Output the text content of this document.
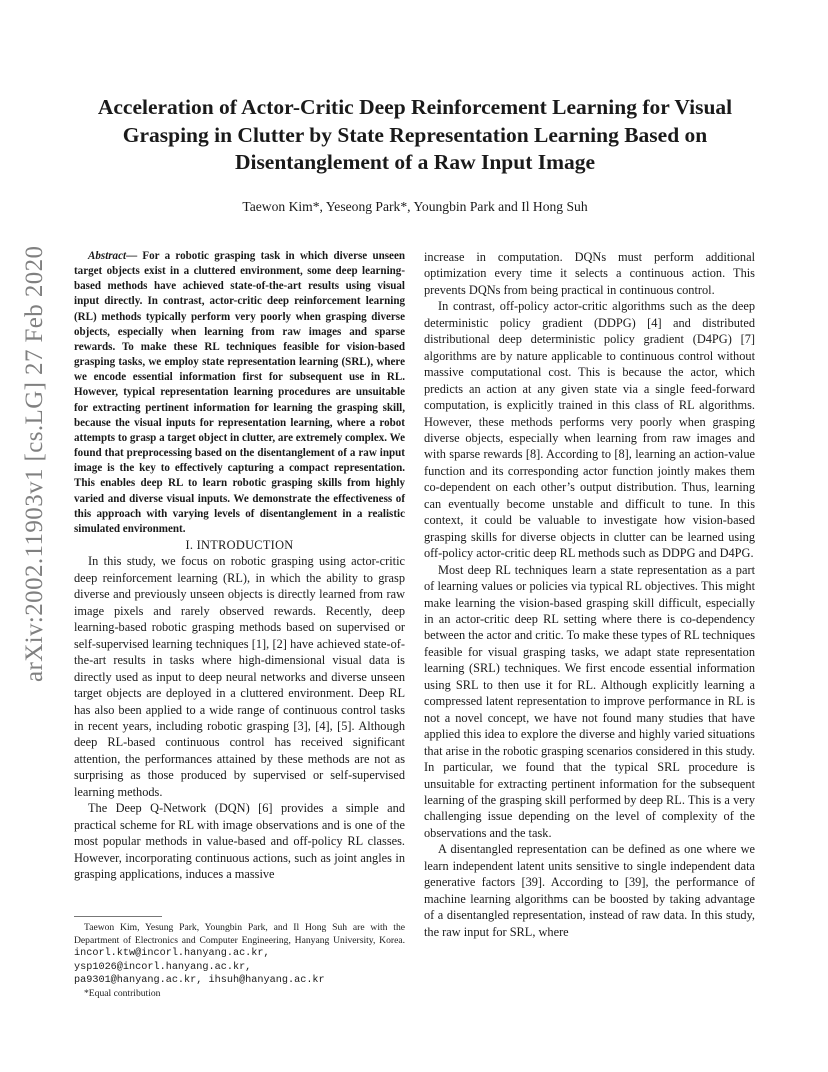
arXiv:2002.11903v1 [cs.LG] 27 Feb 2020
Acceleration of Actor-Critic Deep Reinforcement Learning for Visual
Grasping in Clutter by State Representation Learning Based on
Disentanglement of a Raw Input Image
Taewon Kim*, Yeseong Park*, Youngbin Park and Il Hong Suh

Abstract— For a robotic grasping task in which diverse unseen target objects exist in a cluttered environment, some deep learning-based methods have achieved state-of-the-art results using visual input directly. In contrast, actor-critic deep reinforcement learning (RL) methods typically perform very poorly when grasping diverse objects, especially when learning from raw images and sparse rewards. To make these RL techniques feasible for vision-based grasping tasks, we employ state representation learning (SRL), where we encode essential information first for subsequent use in RL. However, typical representation learning procedures are unsuitable for extracting pertinent information for learning the grasping skill, because the visual inputs for representation learning, where a robot attempts to grasp a target object in clutter, are extremely complex. We found that preprocessing based on the disentanglement of a raw input image is the key to effectively capturing a compact representation. This enables deep RL to learn robotic grasping skills from highly varied and diverse visual inputs. We demonstrate the effectiveness of this approach with varying levels of disentanglement in a realistic simulated environment.

I. INTRODUCTION

In this study, we focus on robotic grasping using actor-critic deep reinforcement learning (RL), in which the ability to grasp diverse and previously unseen objects is directly learned from raw image pixels and rarely observed rewards. Recently, deep learning-based robotic grasping methods based on supervised or self-supervised learning techniques [1], [2] have achieved state-of-the-art results in tasks where high-dimensional visual data is directly used as input to deep neural networks and diverse unseen target objects are deployed in a cluttered environment. Deep RL has also been applied to a wide range of continuous control tasks in recent years, including robotic grasping [3], [4], [5]. Although deep RL-based continuous control has received significant attention, the performances attained by these methods are not as surprising as those produced by supervised or self-supervised learning methods.

The Deep Q-Network (DQN) [6] provides a simple and practical scheme for RL with image observations and is one of the most popular methods in value-based and off-policy RL classes. However, incorporating continuous actions, such as joint angles in grasping applications, induces a massive

Taewon Kim, Yesung Park, Youngbin Park, and Il Hong Suh are with the Department of Electronics and Computer Engineering, Hanyang University, Korea. incorl.ktw@incorl.hanyang.ac.kr,
ysp1026@incorl.hanyang.ac.kr,
pa9301@hanyang.ac.kr, ihsuh@hanyang.ac.kr

*Equal contribution

increase in computation. DQNs must perform additional optimization every time it selects a continuous action. This prevents DQNs from being practical in continuous control.

In contrast, off-policy actor-critic algorithms such as the deep deterministic policy gradient (DDPG) [4] and distributed distributional deep deterministic policy gradient (D4PG) [7] algorithms are by nature applicable to continuous control without massive computational cost. This is because the actor, which predicts an action at any given state via a single feed-forward computation, is explicitly trained in this class of RL algorithms. However, these methods performs very poorly when grasping diverse objects, especially when learning from raw images and with sparse rewards [8]. According to [8], learning an action-value function and its corresponding actor function jointly makes them co-dependent on each other’s output distribution. Thus, learning can eventually become unstable and difficult to tune. In this context, it could be valuable to investigate how vision-based grasping skills for diverse objects in clutter can be learned using off-policy actor-critic deep RL methods such as DDPG and D4PG.

Most deep RL techniques learn a state representation as a part of learning values or policies via typical RL objectives. This might make learning the vision-based grasping skill difficult, especially in an actor-critic deep RL setting where there is co-dependency between the actor and critic. To make these types of RL techniques feasible for visual grasping tasks, we adapt state representation learning (SRL) techniques. We first encode essential information using SRL to then use it for RL. Although explicitly learning a compressed latent representation to improve performance in RL is not a novel concept, we have not found many studies that have applied this idea to explore the diverse and highly varied situations that arise in the robotic grasping scenarios considered in this study. In particular, we found that the typical SRL procedure is unsuitable for extracting pertinent information for the subsequent learning of the grasping skill performed by deep RL. This is a very challenging issue depending on the level of complexity of the observations and the task.

A disentangled representation can be defined as one where we learn independent latent units sensitive to single independent data generative factors [39]. According to [39], the performance of machine learning algorithms can be boosted by taking advantage of a disentangled representation, instead of raw data. In this study, the raw input for SRL, where
